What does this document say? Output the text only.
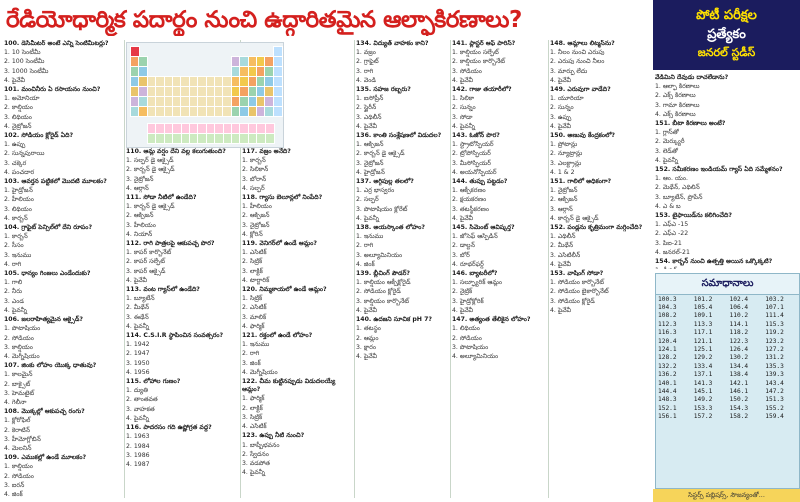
రేడియోధార్మిక పదార్థం నుంచి ఉద్గారితమైన ఆల్ఫాకిరణాలు?

100. డెసిమీటర్ అంటే ఎన్ని సెంటిమీటర్లు?

1. 10 సెంటీమీ

2. 100 సెంటీమీ

3. 1000 సెంటీమీ

4. పైవేవీ

101. మంచినీరు ఏ రసాయనం నుంచి?

1. అమోనియా

2. కాల్షియం

3. లిథియం

4. నైట్రోజన్

102. సోడియం క్లోరైడ్ ఏది?

1. ఉప్పు

2. సున్నపురాయి

3. చక్కెర

4. పంచదార

103. ఆవర్తన పట్టికలో మొదటి మూలకం?

1. హైడ్రోజన్

2. హీలియం

3. లిథియం

4. కార్బన్

104. గ్రాఫైట్ పెన్సిల్‌లో దేని రూపం?

1. కార్బన్

2. సీసం

3. ఇనుము

4. రాగి

105. ధాన్యం గింజలు ఎండేందుకు?

1. గాలి

2. నీరు

3. ఎండ

4. పైవన్నీ

106. జలరాహిత్యమైన ఆక్సైడ్?

1. పొటాషియం

2. సోడియం

3. కాల్షియం

4. మెగ్నీషియం

107. జింకు లోహం యొక్క ధాతువు?

1. కాలమైన్

2. బాక్సైట్

3. హెమటైట్

4. గెలీనా

108. మొక్కల్లో ఆకుపచ్చ రంగు?

1. క్లోరోఫిల్

2. కెరాటిన్

3. హీమోగ్లోబిన్

4. మెలనిన్

109. ఎముకల్లో ఉండే మూలకం?

1. కాల్షియం

2. సోడియం

3. ఐరన్

4. జింక్

110. ఆమ్ల వర్షం దేని వల్ల కలుగుతుంది?

1. సల్ఫర్ డై ఆక్సైడ్

2. కార్బన్ డై ఆక్సైడ్

3. నైట్రోజన్

4. ఆర్గాన్

111. సోడా నీటిలో ఉండేది?

1. కార్బన్ డై ఆక్సైడ్

2. ఆక్సిజన్

3. హీలియం

4. నియాన్

112. రాగి పాత్రలపై ఆకుపచ్చ పొర?

1. కాపర్ కార్బొనేట్

2. కాపర్ సల్ఫేట్

3. కాపర్ ఆక్సైడ్

4. పైవేవీ

113. వంట గ్యాస్‌లో ఉండేది?

1. బ్యూటేన్

2. మీథేన్

3. ఈథేన్

4. పైవన్నీ

114. C.S.I.R స్థాపించిన సంవత్సరం?

1. 1942

2. 1947

3. 1950

4. 1956

115. లోహాల గుణం?

1. ద్యుతి

2. తాంతవత

3. వాహకత

4. పైవన్నీ

116. పాదరసం గది ఉష్ణోగ్రత వద్ద?

1. 1963

2. 1984

3. 1986

4. 1987

117. వజ్రం అనేది?

1. కార్బన్

2. సిలికాన్

3. బోరాన్

4. సల్ఫర్

118. గ్యాసు బెలూన్లలో నింపేది?

1. హీలియం

2. ఆక్సిజన్

3. నైట్రోజన్

4. క్లోరిన్

119. వెనిగర్‌లో ఉండే ఆమ్లం?

1. ఎసిటిక్

2. సిట్రిక్

3. లాక్టిక్

4. టార్టారిక్

120. నిమ్మకాయలో ఉండే ఆమ్లం?

1. సిట్రిక్

2. ఎసిటిక్

3. మాలిక్

4. ఫార్మిక్

121. రక్తంలో ఉండే లోహం?

1. ఇనుము

2. రాగి

3. జింక్

4. మెగ్నీషియం

122. చీమ కుట్టినప్పుడు విడుదలయ్యే ఆమ్లం?

1. ఫార్మిక్

2. లాక్టిక్

3. సిట్రిక్

4. ఎసిటిక్

123. ఉప్పు నీటి నుంచి?

1. బాష్పీభవనం

2. స్వేదనం

3. వడపోత

4. పైవన్నీ

134. విద్యుత్ వాహకం కాని?

1. వజ్రం

2. గ్రాఫైట్

3. రాగి

4. వెండి

135. సహజ రబ్బరు?

1. ఐసోప్రీన్

2. స్టైరీన్

3. ఎథిలీన్

4. పైవేవీ

136. కాంతి సంశ్లేషణలో విడుదల?

1. ఆక్సిజన్

2. కార్బన్ డై ఆక్సైడ్

3. నైట్రోజన్

4. హైడ్రోజన్

137. అగ్గిపుల్ల తలలో?

1. ఎర్ర భాస్వరం

2. సల్ఫర్

3. పొటాషియం క్లోరేట్

4. పైవన్నీ

138. అయస్కాంత లోహం?

1. ఇనుము

2. రాగి

3. అల్యూమినియం

4. జింక్

139. బ్లీచింగ్ పౌడర్?

1. కాల్షియం ఆక్సీక్లోరైడ్

2. సోడియం క్లోరైడ్

3. కాల్షియం కార్బొనేట్

4. పైవేవీ

140. ఉదజని సూచిక pH 7?

1. తటస్థం

2. ఆమ్లం

3. క్షారం

4. పైవేవీ

141. ప్లాస్టర్ ఆఫ్ పారిస్?

1. కాల్షియం సల్ఫేట్

2. కాల్షియం కార్బొనేట్

3. సోడియం

4. పైవేవీ

142. గాజు తయారీలో?

1. సిలికా

2. సున్నం

3. సోడా

4. పైవన్నీ

143. ఓజోన్ పొర?

1. స్ట్రాటోస్ఫియర్

2. ట్రోపోస్ఫియర్

3. మీసోస్ఫియర్

4. అయనోస్ఫియర్

144. తుప్పు పట్టడం?

1. ఆక్సీకరణం

2. క్షయకరణం

3. తటస్థీకరణం

4. పైవేవీ

145. సిమెంట్ ఆవిష్కర్త?

1. జోసెఫ్ ఆస్పిడిన్

2. డాల్టన్

3. బోర్

4. రూథర్‌ఫర్డ్

146. బ్యాటరీలో?

1. సల్ఫ్యూరిక్ ఆమ్లం

2. నైట్రిక్

3. హైడ్రోక్లోరిక్

4. పైవేవీ

147. అత్యంత తేలికైన లోహం?

1. లిథియం

2. సోడియం

3. పొటాషియం

4. అల్యూమినియం

148. ఆమ్లాలు లిట్మస్‌ను?

1. నీలం నుంచి ఎరుపు

2. ఎరుపు నుంచి నీలం

3. మార్పు లేదు

4. పైవేవీ

149. ఎరువుగా వాడేది?

1. యూరియా

2. సున్నం

3. ఉప్పు

4. పైవేవీ

150. అణువు కేంద్రకంలో?

1. ప్రోటాన్లు

2. న్యూట్రాన్లు

3. ఎలక్ట్రాన్లు

4. 1 & 2

151. గాలిలో అధికంగా?

1. నైట్రోజన్

2. ఆక్సిజన్

3. ఆర్గాన్

4. కార్బన్ డై ఆక్సైడ్

152. పండ్లను కృత్రిమంగా మగ్గించేది?

1. ఎథిలీన్

2. మీథేన్

3. ఎసిటిలీన్

4. పైవేవీ

153. వాషింగ్ సోడా?

1. సోడియం కార్బొనేట్

2. సోడియం బైకార్బొనేట్

3. సోడియం క్లోరైడ్

4. పైవేవీ

పోటీ పరీక్షల
ప్రత్యేకం
జనరల్ స్టడీస్

వేడిమిని దేవుడు దాచలేడాను?

1. ఆల్ఫా కిరణాలు

2. ఎక్స్ కిరణాలు

3. గామా కిరణాలు

4. ఎక్స్ కిరణాలు

151. బీటా కిరణాలు అంటే?

1. గ్లాస్‌తో

2. మెర్క్యురీ

3. లెడ్‌తో

4. పైవన్నీ

152. సమీకరణం ఇండియమ్ గ్యాస్ ఏది సమ్మేళనం?

1. ఆం. యం.

2. మెథేన్, ఎథిలిన్

3. బ్యూటేన్, ప్రొపేన్

4. ఎ & బ

153. టైఫాయిడ్‌ను కలిగించేది?

1. ఎఫ్‌ఎ -15

2. ఎఫ్‌ఎ -22

3. పిఐ-21

4. జనరల్-21

154. కార్బన్ నుంచి ఉత్పత్తి అయిన ఒక్కొక్కటి?

సమాధానాలు
100.3	101.2	102.4	103.2
104.3	105.4	106.4	107.1
108.2	109.1	110.2	111.4
112.3	113.3	114.1	115.3
116.3	117.1	118.2	119.2
120.4	121.1	122.3	123.2
124.1	125.1	126.4	127.2
128.2	129.2	130.2	131.2
132.2	133.4	134.4	135.3
136.2	137.1	138.4	139.3
140.1	141.3	142.1	143.4
144.4	145.1	146.1	147.2
148.3	149.2	150.2	151.3
152.1	153.3	154.3	155.2
156.1	157.2	158.2	159.4
సిస్టర్స్ పబ్లిషర్స్, సౌజన్యంతో...
